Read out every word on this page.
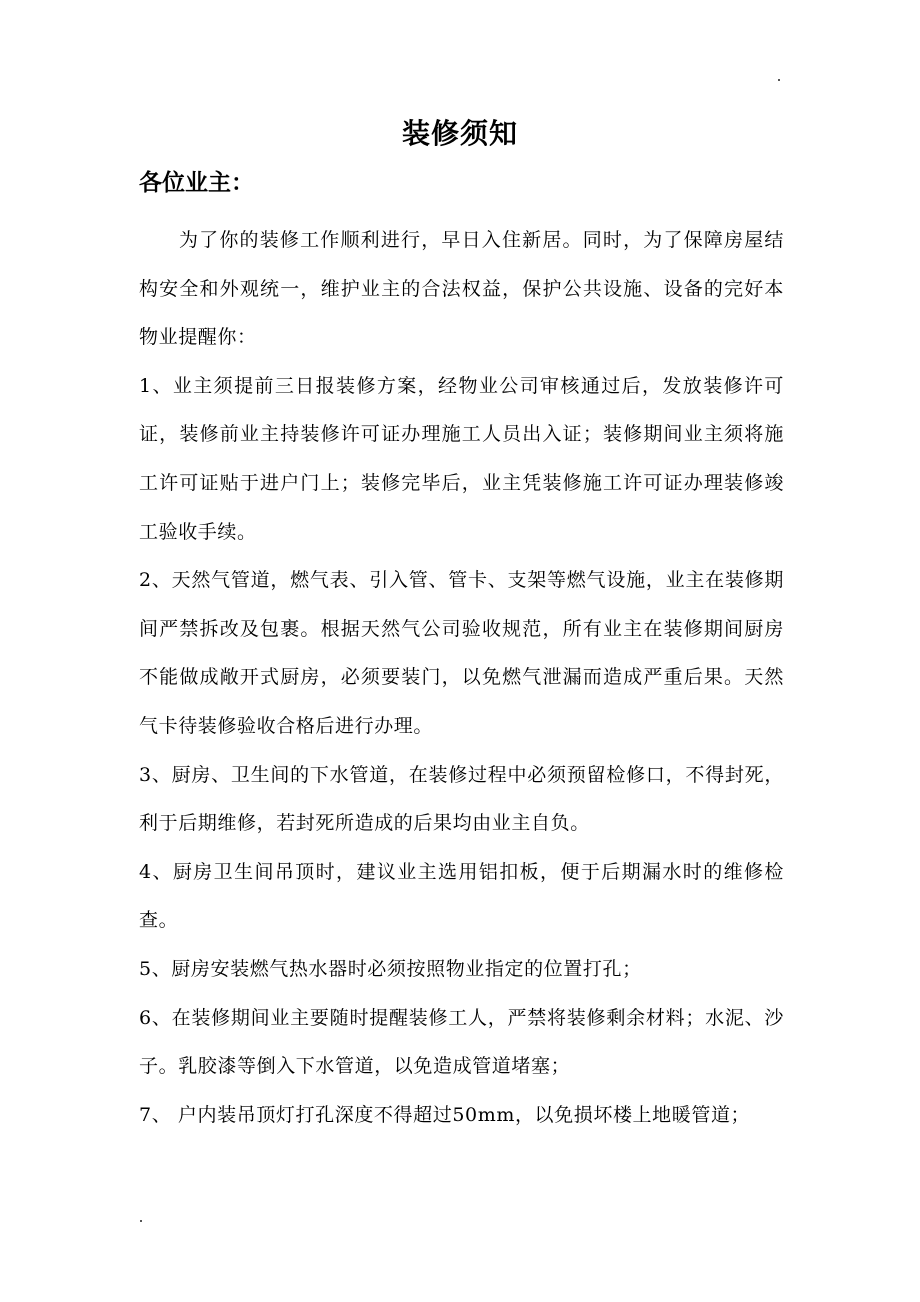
装修须知
各位业主：

为了你的装修工作顺利进行，早日入住新居。同时，为了保障房屋结构安全和外观统一，维护业主的合法权益，保护公共设施、设备的完好本物业提醒你：

1、业主须提前三日报装修方案，经物业公司审核通过后，发放装修许可证，装修前业主持装修许可证办理施工人员出入证；装修期间业主须将施工许可证贴于进户门上；装修完毕后，业主凭装修施工许可证办理装修竣工验收手续。

2、天然气管道，燃气表、引入管、管卡、支架等燃气设施，业主在装修期间严禁拆改及包裹。根据天然气公司验收规范，所有业主在装修期间厨房不能做成敞开式厨房，必须要装门，以免燃气泄漏而造成严重后果。天然气卡待装修验收合格后进行办理。

3、厨房、卫生间的下水管道，在装修过程中必须预留检修口，不得封死，利于后期维修，若封死所造成的后果均由业主自负。

4、厨房卫生间吊顶时，建议业主选用铝扣板，便于后期漏水时的维修检查。

5、厨房安装燃气热水器时必须按照物业指定的位置打孔；

6、在装修期间业主要随时提醒装修工人，严禁将装修剩余材料；水泥、沙子。乳胶漆等倒入下水管道，以免造成管道堵塞；

7、 户内装吊顶灯打孔深度不得超过50mm，以免损坏楼上地暖管道；
